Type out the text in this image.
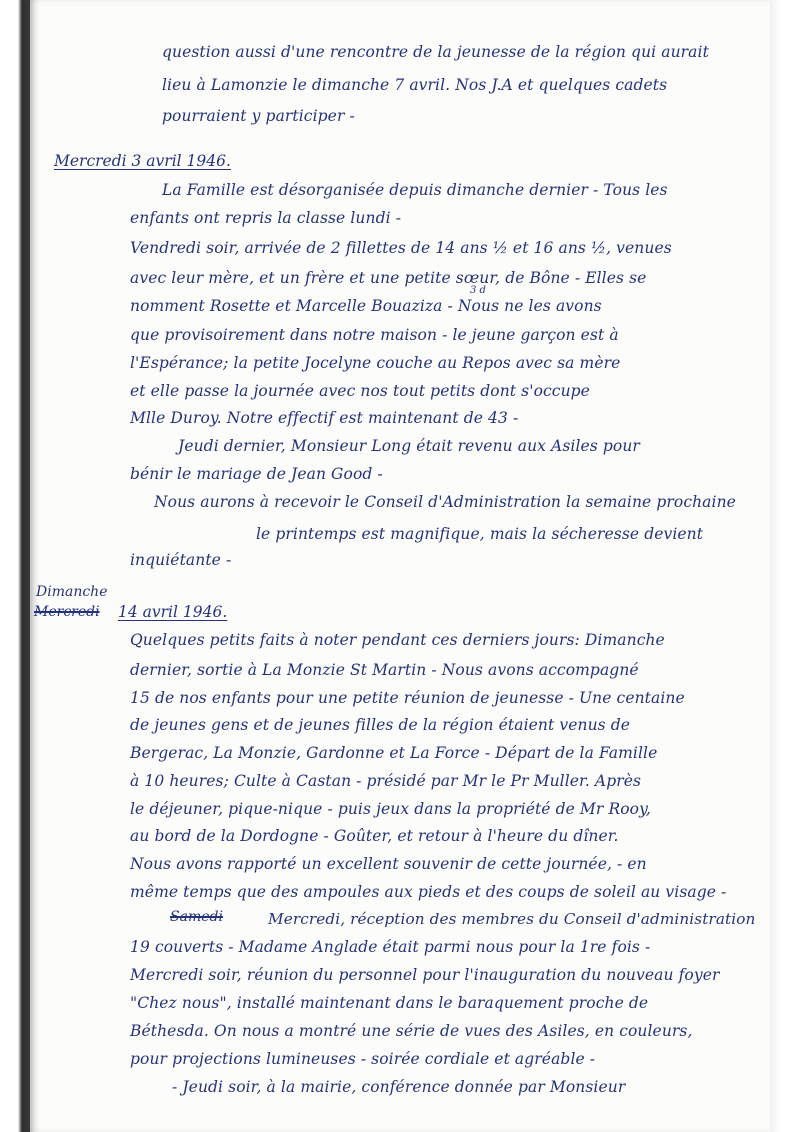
question aussi d'une rencontre de la jeunesse de la région qui aurait
lieu à Lamonzie le dimanche 7 avril. Nos J.A et quelques cadets
pourraient y participer -
Mercredi 3 avril 1946.
La Famille est désorganisée depuis dimanche dernier - Tous les
enfants ont repris la classe lundi -
Vendredi soir, arrivée de 2 fillettes de 14 ans ½ et 16 ans ½, venues
avec leur mère, et un frère et une petite sœur, de Bône - Elles se
3 d
nomment Rosette et Marcelle Bouaziza - Nous ne les avons
que provisoirement dans notre maison - le jeune garçon est à
l'Espérance; la petite Jocelyne couche au Repos avec sa mère
et elle passe la journée avec nos tout petits dont s'occupe
Mlle Duroy. Notre effectif est maintenant de 43 -
Jeudi dernier, Monsieur Long était revenu aux Asiles pour
bénir le mariage de Jean Good -
Nous aurons à recevoir le Conseil d'Administration la semaine prochaine
le printemps est magnifique, mais la sécheresse devient
inquiétante -
Dimanche
Mercredi 14 avril 1946.
Quelques petits faits à noter pendant ces derniers jours: Dimanche
dernier, sortie à La Monzie St Martin - Nous avons accompagné
15 de nos enfants pour une petite réunion de jeunesse - Une centaine
de jeunes gens et de jeunes filles de la région étaient venus de
Bergerac, La Monzie, Gardonne et La Force - Départ de la Famille
à 10 heures; Culte à Castan - présidé par Mr le Pr Muller. Après
le déjeuner, pique-nique - puis jeux dans la propriété de Mr Rooy,
au bord de la Dordogne - Goûter, et retour à l'heure du dîner.
Nous avons rapporté un excellent souvenir de cette journée, - en
même temps que des ampoules aux pieds et des coups de soleil au visage -
Samedi	Mercredi, réception des membres du Conseil d'administration
19 couverts - Madame Anglade était parmi nous pour la 1re fois -
Mercredi soir, réunion du personnel pour l'inauguration du nouveau foyer
"Chez nous", installé maintenant dans le baraquement proche de
Béthesda. On nous a montré une série de vues des Asiles, en couleurs,
pour projections lumineuses - soirée cordiale et agréable -
- Jeudi soir, à la mairie, conférence donnée par Monsieur
